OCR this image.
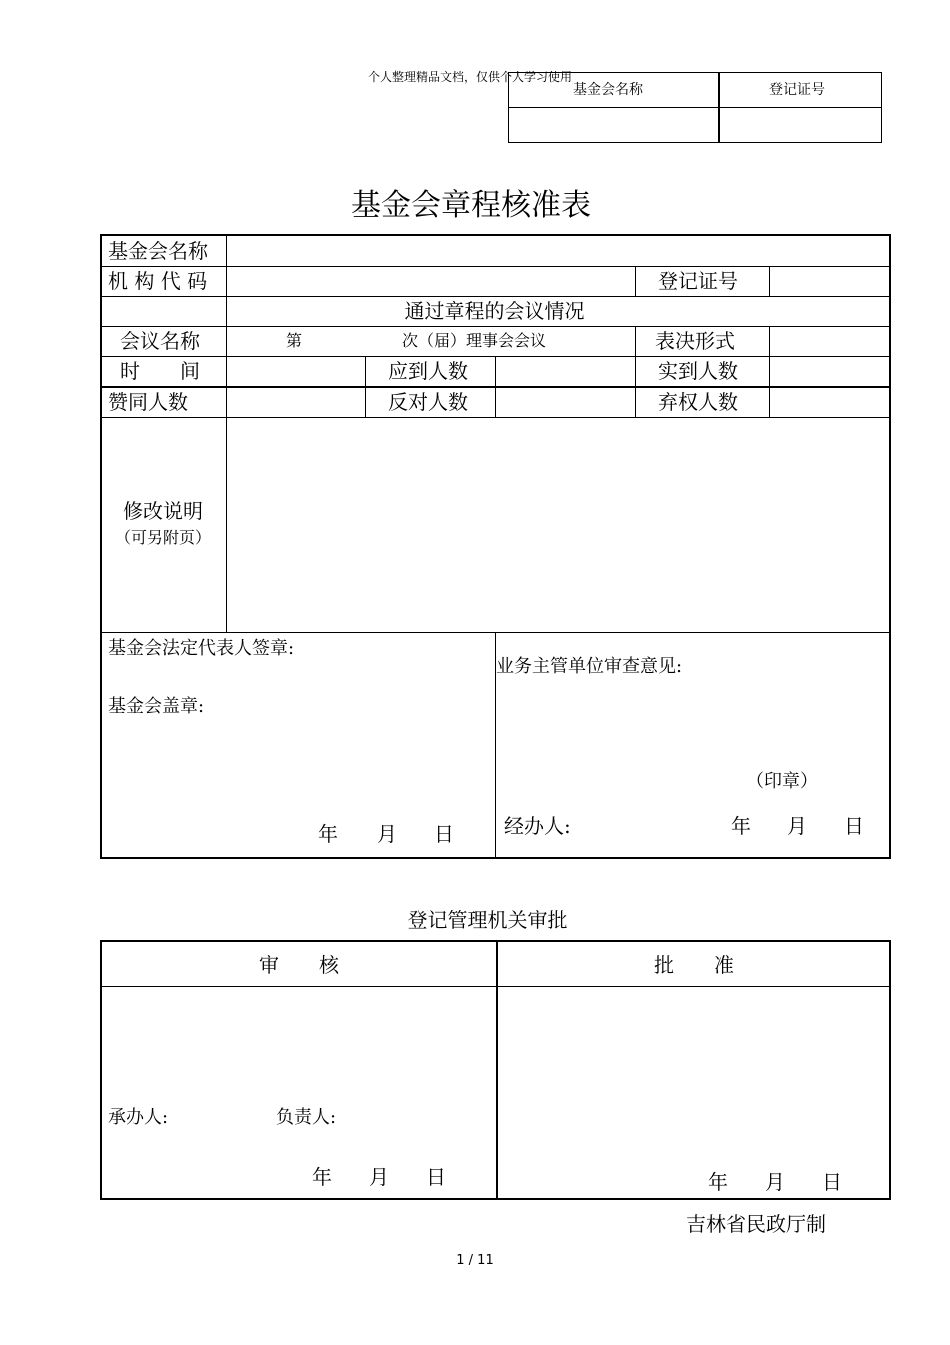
个人整理精品文档，仅供个人学习使用
基金会名称	登记证号
基金会章程核准表
基金会名称
机 构 代 码	登记证号
通过章程的会议情况
会议名称	第	次（届）理事会会议	表决形式
时　　间	应到人数	实到人数
赞同人数	反对人数	弃权人数
修改说明
（可另附页）
基金会法定代表人签章:
基金会盖章:
年 月 日
业务主管单位审查意见:
（印章）
经办人:	年 月 日
登记管理机关审批
审　　核	批　　准
承办人:	负责人:
年 月 日	年 月 日
吉林省民政厅制
1 / 11
